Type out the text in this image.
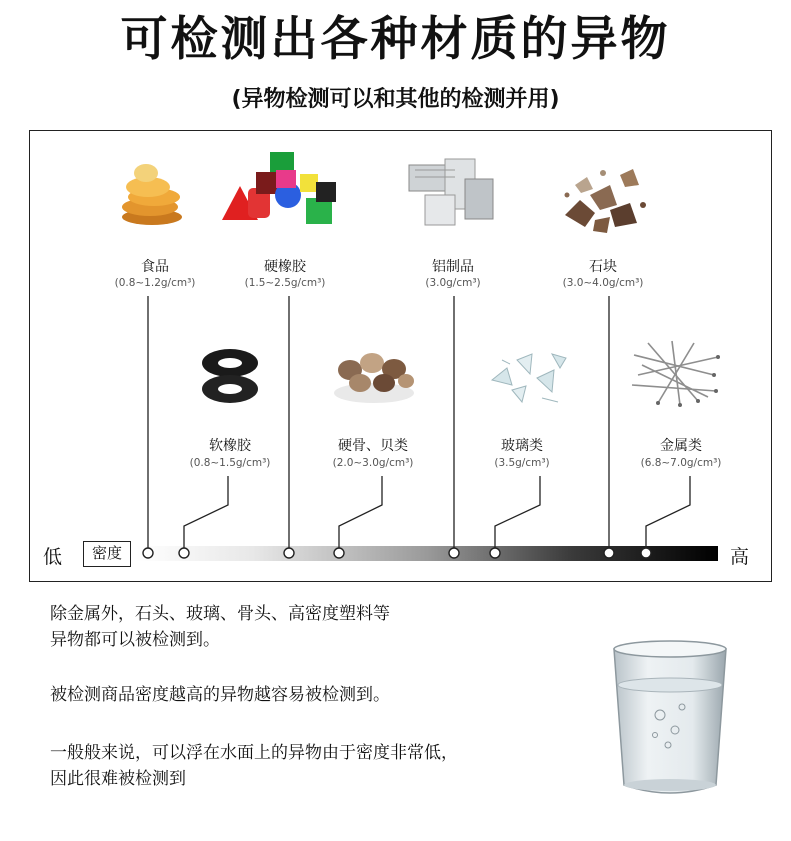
可检测出各种材质的异物
(异物检测可以和其他的检测并用)
食品
(0.8~1.2g/cm³)
硬橡胶
(1.5~2.5g/cm³)
铝制品
(3.0g/cm³)
石块
(3.0~4.0g/cm³)
软橡胶
(0.8~1.5g/cm³)
硬骨、贝类
(2.0~3.0g/cm³)
玻璃类
(3.5g/cm³)
金属类
(6.8~7.0g/cm³)
低	密度	高
除金属外，石头、玻璃、骨头、高密度塑料等
异物都可以被检测到。
被检测商品密度越高的异物越容易被检测到。
一般般来说，可以浮在水面上的异物由于密度非常低，
因此很难被检测到
